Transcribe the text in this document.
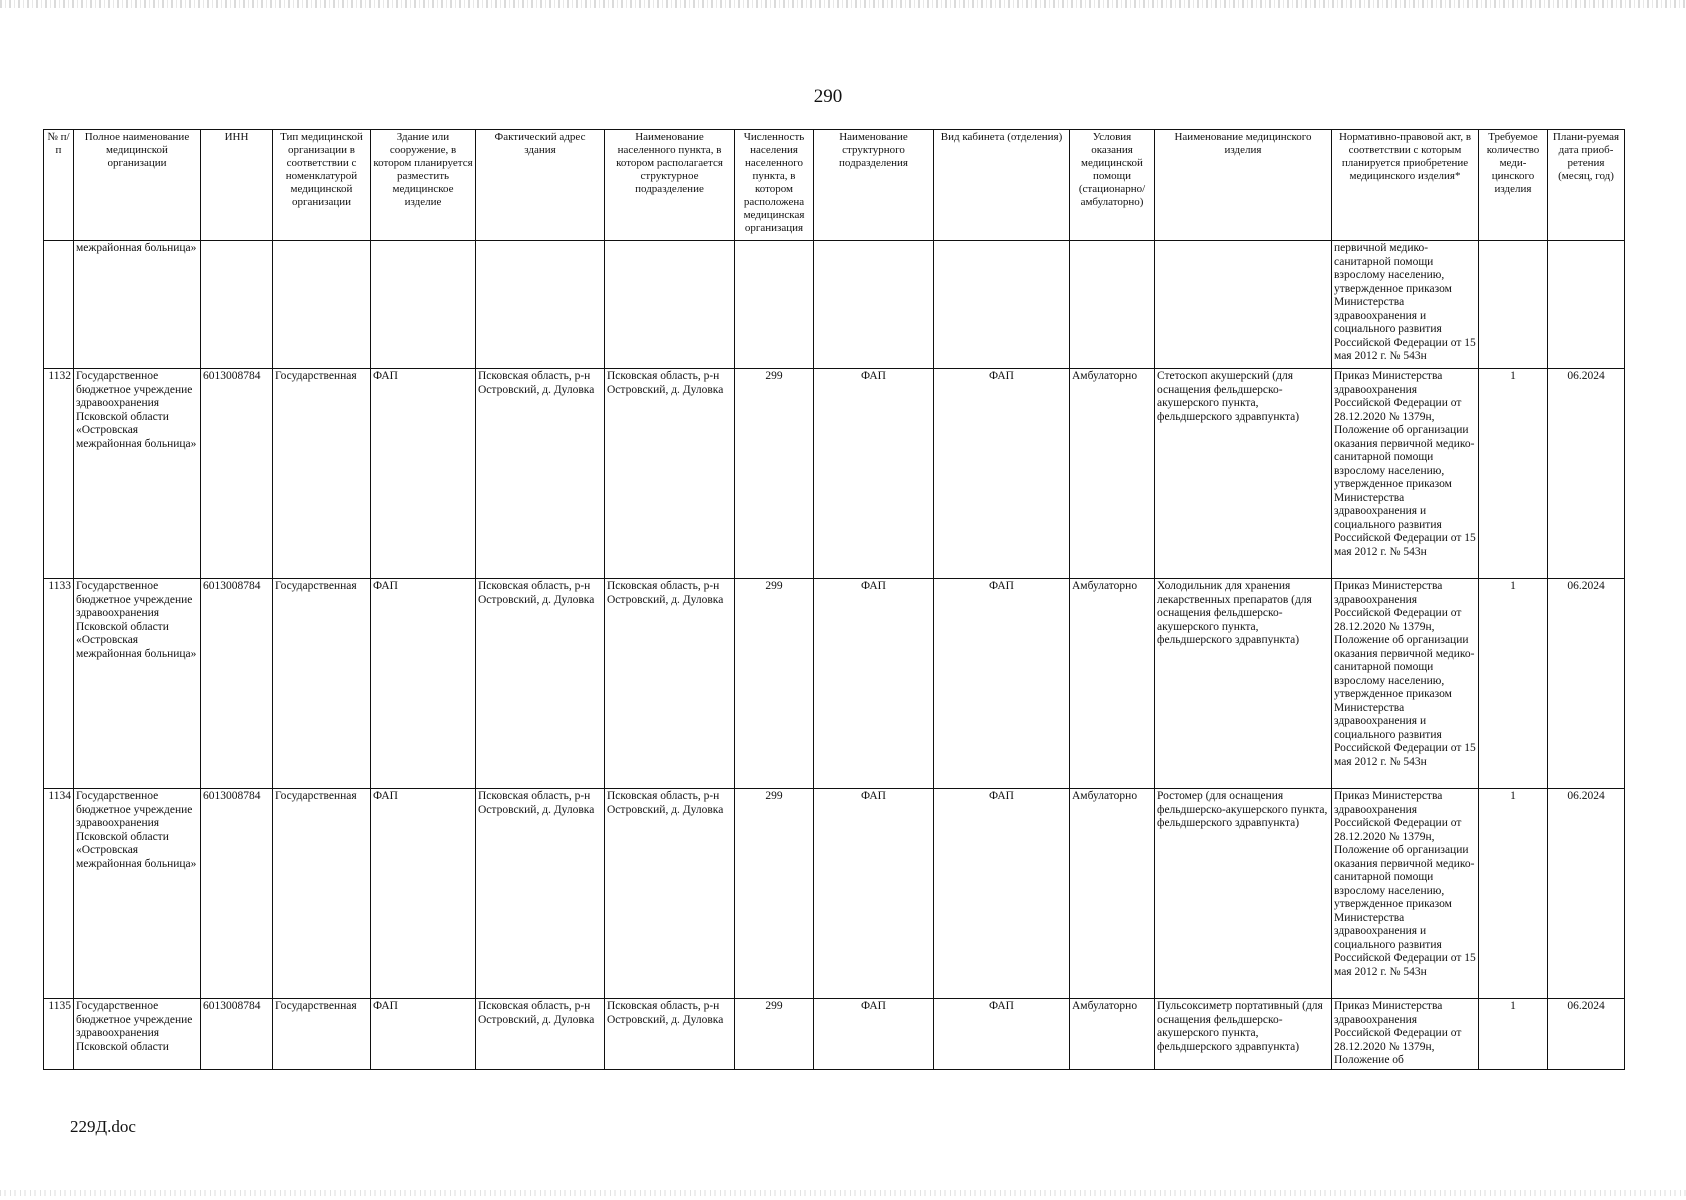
290
№ п/п	Полное наименование медицинской организации	ИНН	Тип медицинской организации в соответствии с номенклатурой медицинской организации	Здание или сооружение, в котором планируется разместить медицинское изделие	Фактический адрес здания	Наименование населенного пункта, в котором располагается структурное подразделение	Численность населения населенного пункта, в котором расположена медицинская организация	Наименование структурного подразделения	Вид кабинета (отделения)	Условия оказания медицинской помощи (стационарно/ амбулаторно)	Наименование медицинского изделия	Нормативно-правовой акт, в соответствии с которым планируется приобретение медицинского изделия*	Требуемое количество меди-цинского изделия	Плани-руемая дата приоб-ретения (месяц, год)
	межрайонная больница»											первичной медико-санитарной помощи взрослому населению, утвержденное приказом Министерства здравоохранения и социального развития Российской Федерации от 15 мая 2012 г. № 543н		
1132	Государственное бюджетное учреждение здравоохранения Псковской области «Островская межрайонная больница»	6013008784	Государственная	ФАП	Псковская область, р-н Островский, д. Дуловка	Псковская область, р-н Островский, д. Дуловка	299	ФАП	ФАП	Амбулаторно	Стетоскоп акушерский (для оснащения фельдшерско-акушерского пункта, фельдшерского здравпункта)	Приказ Министерства здравоохранения Российской Федерации от 28.12.2020 № 1379н, Положение об организации оказания первичной медико-санитарной помощи взрослому населению, утвержденное приказом Министерства здравоохранения и социального развития Российской Федерации от 15 мая 2012 г. № 543н	1	06.2024
1133	Государственное бюджетное учреждение здравоохранения Псковской области «Островская межрайонная больница»	6013008784	Государственная	ФАП	Псковская область, р-н Островский, д. Дуловка	Псковская область, р-н Островский, д. Дуловка	299	ФАП	ФАП	Амбулаторно	Холодильник для хранения лекарственных препаратов (для оснащения фельдшерско-акушерского пункта, фельдшерского здравпункта)	Приказ Министерства здравоохранения Российской Федерации от 28.12.2020 № 1379н, Положение об организации оказания первичной медико-санитарной помощи взрослому населению, утвержденное приказом Министерства здравоохранения и социального развития Российской Федерации от 15 мая 2012 г. № 543н	1	06.2024
1134	Государственное бюджетное учреждение здравоохранения Псковской области «Островская межрайонная больница»	6013008784	Государственная	ФАП	Псковская область, р-н Островский, д. Дуловка	Псковская область, р-н Островский, д. Дуловка	299	ФАП	ФАП	Амбулаторно	Ростомер (для оснащения фельдшерско-акушерского пункта, фельдшерского здравпункта)	Приказ Министерства здравоохранения Российской Федерации от 28.12.2020 № 1379н, Положение об организации оказания первичной медико-санитарной помощи взрослому населению, утвержденное приказом Министерства здравоохранения и социального развития Российской Федерации от 15 мая 2012 г. № 543н	1	06.2024
1135	Государственное бюджетное учреждение здравоохранения Псковской области	6013008784	Государственная	ФАП	Псковская область, р-н Островский, д. Дуловка	Псковская область, р-н Островский, д. Дуловка	299	ФАП	ФАП	Амбулаторно	Пульсоксиметр портативный (для оснащения фельдшерско-акушерского пункта, фельдшерского здравпункта)	Приказ Министерства здравоохранения Российской Федерации от 28.12.2020 № 1379н, Положение об	1	06.2024
229Д.doc
